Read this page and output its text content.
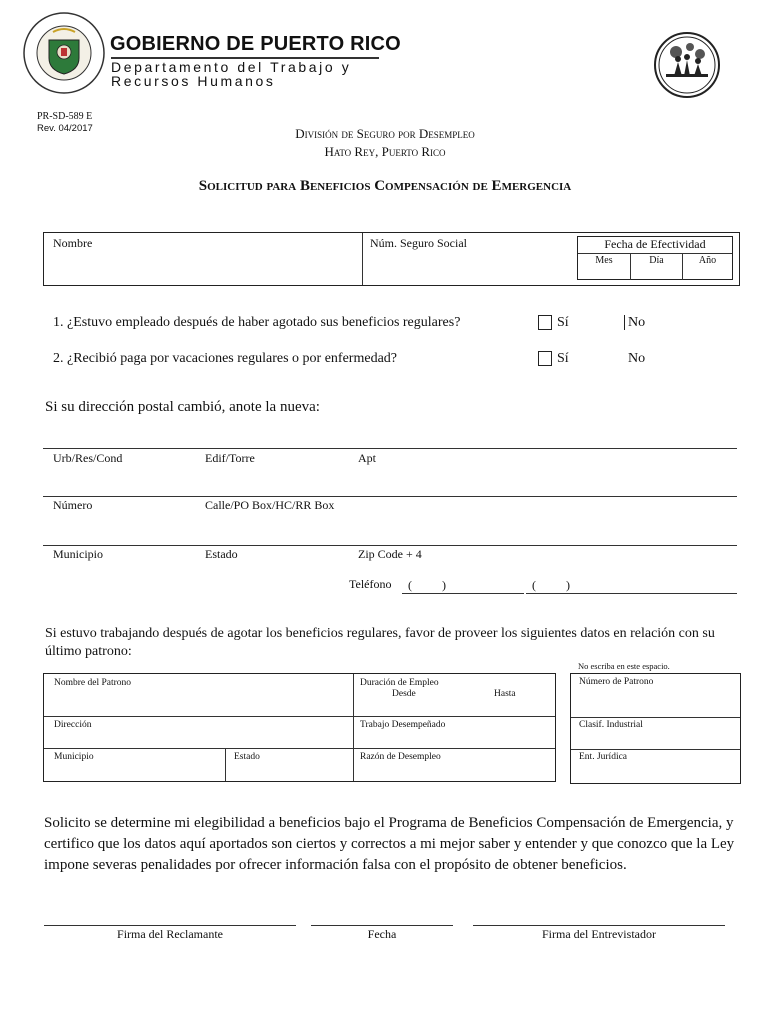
GOBIERNO DE PUERTO RICO
Departamento del Trabajo y
Recursos Humanos
PR-SD-589 E
Rev. 04/2017	División de Seguro por Desempleo
Hato Rey, Puerto Rico
Solicitud para Beneficios Compensación de Emergencia
Nombre	Núm. Seguro Social	Fecha de Efectividad
Mes	Día	Año
1. ¿Estuvo empleado después de haber agotado sus beneficios regulares?	Sí	No
2. ¿Recibió paga por vacaciones regulares o por enfermedad?	Sí	No
Si su dirección postal cambió, anote la nueva:
Urb/Res/Cond	Edif/Torre	Apt
Número	Calle/PO Box/HC/RR Box
Municipio	Estado	Zip Code + 4
Teléfono	(          )	(          )
Si estuvo trabajando después de agotar los beneficios regulares, favor de proveer los siguientes datos en relación con su último patrono:
No escriba en este espacio.
Nombre del Patrono	Duración de Empleo
Desde	Hasta
Dirección	Trabajo Desempeñado
Municipio	Estado	Razón de Desempleo
Número de Patrono
Clasif. Industrial
Ent. Jurídica
Solicito se determine mi elegibilidad a beneficios bajo el Programa de Beneficios Compensación de Emergencia, y certifico que los datos aquí aportados son ciertos y correctos a mi mejor saber y entender y que conozco que la Ley impone severas penalidades por ofrecer información falsa con el propósito de obtener beneficios.
Firma del Reclamante	Fecha	Firma del Entrevistador
